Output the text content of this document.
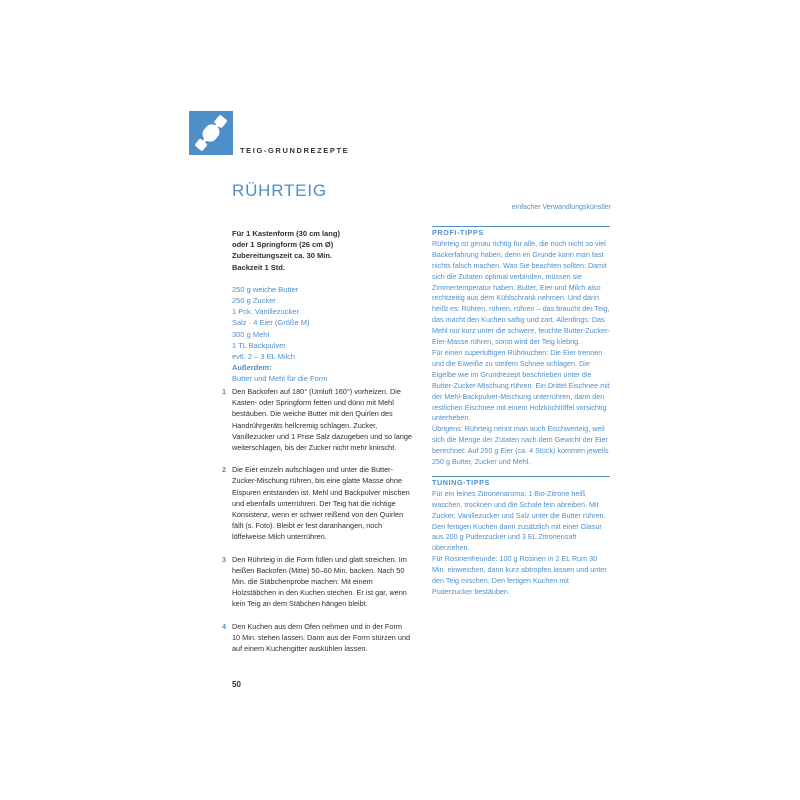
TEIG-GRUNDREZEPTE
RÜHRTEIG
einfacher Verwandlungskünstler
Für 1 Kastenform (30 cm lang)
oder 1 Springform (26 cm Ø)
Zubereitungszeit ca. 30 Min.
Backzeit 1 Std.
250 g weiche Butter
250 g Zucker
1 Pck. Vanillezucker
Salz · 4 Eier (Größe M)
300 g Mehl
1 TL Backpulver
evtl. 2 – 3 EL Milch
Außerdem:
Butter und Mehl für die Form
1 Den Backofen auf 180° (Umluft 160°) vorheizen. Die Kasten- oder Springform fetten und dünn mit Mehl bestäuben. Die weiche Butter mit den Quirlen des Handrührgeräts hellcremig schlagen. Zucker, Vanillezucker und 1 Prise Salz dazugeben und so lange weiterschlagen, bis der Zucker nicht mehr knirscht.
2 Die Eier einzeln aufschlagen und unter die Butter-Zucker-Mischung rühren, bis eine glatte Masse ohne Eispuren entstanden ist. Mehl und Backpulver mischen und ebenfalls unterrühren. Der Teig hat die richtige Konsistenz, wenn er schwer reißend von den Quirlen fällt (s. Foto). Bleibt er fest daranhangen, noch löffelweise Milch unterrühren.
3 Den Rührteig in die Form füllen und glatt streichen. Im heißen Backofen (Mitte) 50–60 Min. backen. Nach 50 Min. die Stäbchenprobe machen: Mit einem Holzstäbchen in den Kuchen stechen. Er ist gar, wenn kein Teig an dem Stäbchen hängen bleibt.
4 Den Kuchen aus dem Ofen nehmen und in der Form 10 Min. stehen lassen. Dann aus der Form stürzen und auf einem Kuchengitter auskühlen lassen.
PROFI-TIPPS
Rührteig ist genau richtig für alle, die noch nicht so viel Backerfahrung haben, denn im Grunde kann man fast nichts falsch machen. Was Sie beachten sollten: Damit sich die Zutaten optimal verbinden, müssen sie Zimmertemperatur haben. Butter, Eier und Milch also rechtzeitig aus dem Kühlschrank nehmen. Und dann heißt es: Rühren, rühren, rühren – das braucht der Teig, das macht den Kuchen saftig und zart. Allerdings: Das Mehl nur kurz unter die schwere, feuchte Butter-Zucker-Eier-Masse rühren, sonst wird der Teig klebrig.
Für einen superluftigen Rührkuchen: Die Eier trennen und die Eiweiße zu steifem Schnee schlagen. Die Eigelbe wie im Grundrezept beschrieben unter die Butter-Zucker-Mischung rühren. Ein Drittel Eischnee mit der Mehl-Backpulver-Mischung unterrühren, dann den restlichen Eischnee mit einem Holzkochlöffel vorsichtig unterheben.
Übrigens: Rührteig nennt man auch Eischwerteig, weil sich die Menge der Zutaten nach dem Gewicht der Eier berechnet: Auf 250 g Eier (ca. 4 Stück) kommen jeweils 250 g Butter, Zucker und Mehl.
TUNING-TIPPS
Für ein feines Zitronenaroma: 1 Bio-Zitrone heiß waschen, trocknen und die Schale fein abreiben. Mit Zucker, Vanillezucker und Salz unter die Butter rühren. Den fertigen Kuchen dann zusätzlich mit einer Glasur aus 200 g Puderzucker und 3 EL Zitronensaft überziehen.
Für Rosinenfreunde: 100 g Rosinen in 2 EL Rum 30 Min. einweichen, dann kurz abtropfen lassen und unter den Teig mischen. Den fertigen Kuchen mit Puderzucker bestäuben.
50
